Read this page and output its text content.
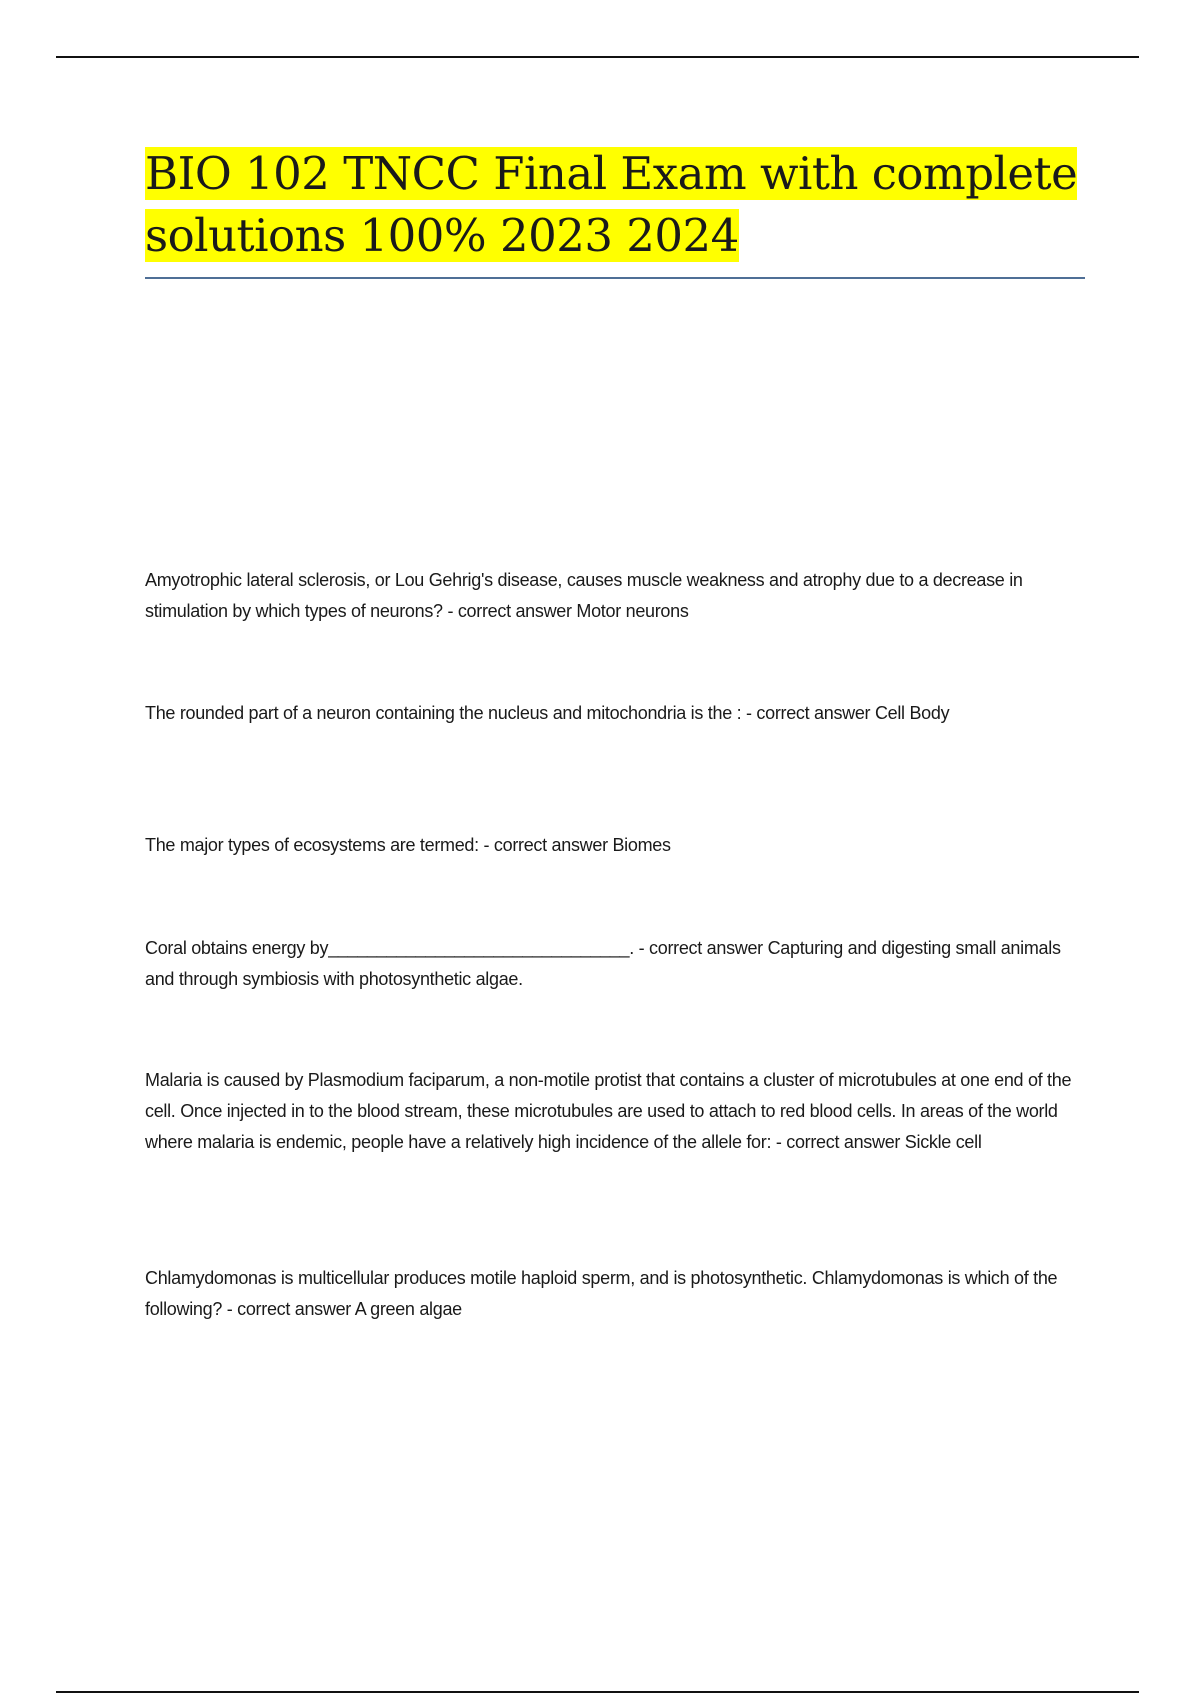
BIO 102 TNCC Final Exam with complete solutions 100% 2023 2024
Amyotrophic lateral sclerosis, or Lou Gehrig's disease, causes muscle weakness and atrophy due to a decrease in stimulation by which types of neurons? - correct answer Motor neurons
The rounded part of a neuron containing the nucleus and mitochondria is the : - correct answer Cell Body
The major types of ecosystems are termed: - correct answer Biomes
Coral obtains energy by_______________________________. - correct answer Capturing and digesting small animals and through symbiosis with photosynthetic algae.
Malaria is caused by Plasmodium faciparum, a non-motile protist that contains a cluster of microtubules at one end of the cell. Once injected in to the blood stream, these microtubules are used to attach to red blood cells. In areas of the world where malaria is endemic, people have a relatively high incidence of the allele for: - correct answer Sickle cell
Chlamydomonas is multicellular produces motile haploid sperm, and is photosynthetic. Chlamydomonas is which of the following? - correct answer A green algae
